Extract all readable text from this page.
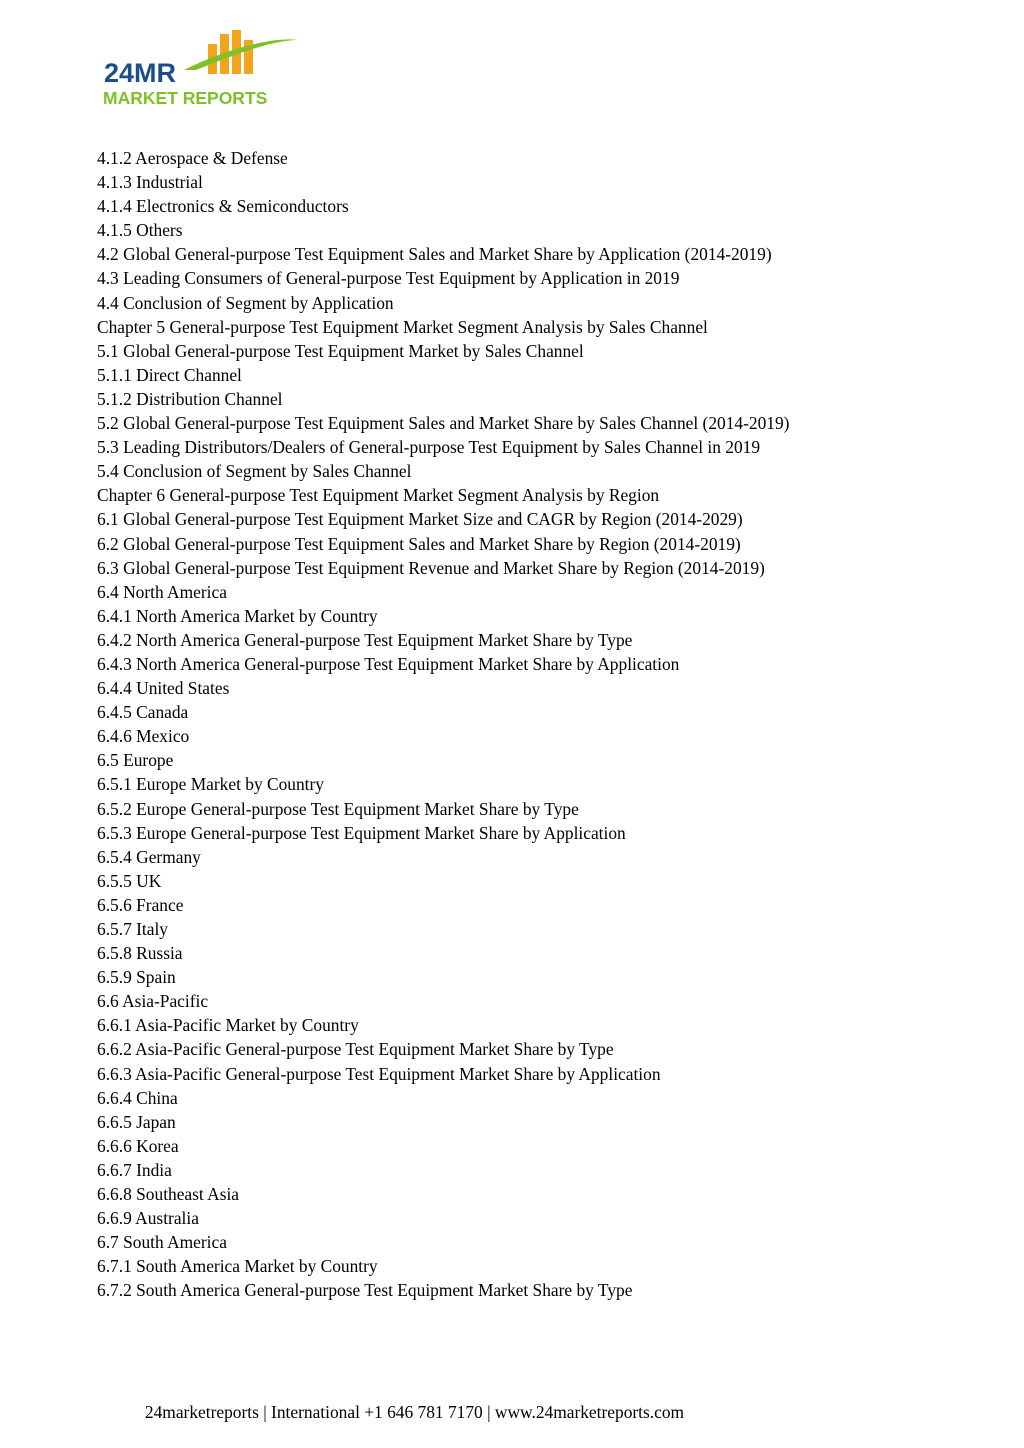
24MR
MARKET REPORTS
4.1.2 Aerospace & Defense
4.1.3 Industrial
4.1.4 Electronics & Semiconductors
4.1.5 Others
4.2 Global General-purpose Test Equipment Sales and Market Share by Application (2014-2019)
4.3 Leading Consumers of General-purpose Test Equipment by Application in 2019
4.4 Conclusion of Segment by Application
Chapter 5 General-purpose Test Equipment Market Segment Analysis by Sales Channel
5.1 Global General-purpose Test Equipment Market by Sales Channel
5.1.1 Direct Channel
5.1.2 Distribution Channel
5.2 Global General-purpose Test Equipment Sales and Market Share by Sales Channel (2014-2019)
5.3 Leading Distributors/Dealers of General-purpose Test Equipment by Sales Channel in 2019
5.4 Conclusion of Segment by Sales Channel
Chapter 6 General-purpose Test Equipment Market Segment Analysis by Region
6.1 Global General-purpose Test Equipment Market Size and CAGR by Region (2014-2029)
6.2 Global General-purpose Test Equipment Sales and Market Share by Region (2014-2019)
6.3 Global General-purpose Test Equipment Revenue and Market Share by Region (2014-2019)
6.4 North America
6.4.1 North America Market by Country
6.4.2 North America General-purpose Test Equipment Market Share by Type
6.4.3 North America General-purpose Test Equipment Market Share by Application
6.4.4 United States
6.4.5 Canada
6.4.6 Mexico
6.5 Europe
6.5.1 Europe Market by Country
6.5.2 Europe General-purpose Test Equipment Market Share by Type
6.5.3 Europe General-purpose Test Equipment Market Share by Application
6.5.4 Germany
6.5.5 UK
6.5.6 France
6.5.7 Italy
6.5.8 Russia
6.5.9 Spain
6.6 Asia-Pacific
6.6.1 Asia-Pacific Market by Country
6.6.2 Asia-Pacific General-purpose Test Equipment Market Share by Type
6.6.3 Asia-Pacific General-purpose Test Equipment Market Share by Application
6.6.4 China
6.6.5 Japan
6.6.6 Korea
6.6.7 India
6.6.8 Southeast Asia
6.6.9 Australia
6.7 South America
6.7.1 South America Market by Country
6.7.2 South America General-purpose Test Equipment Market Share by Type
24marketreports | International +1 646 781 7170 | www.24marketreports.com
